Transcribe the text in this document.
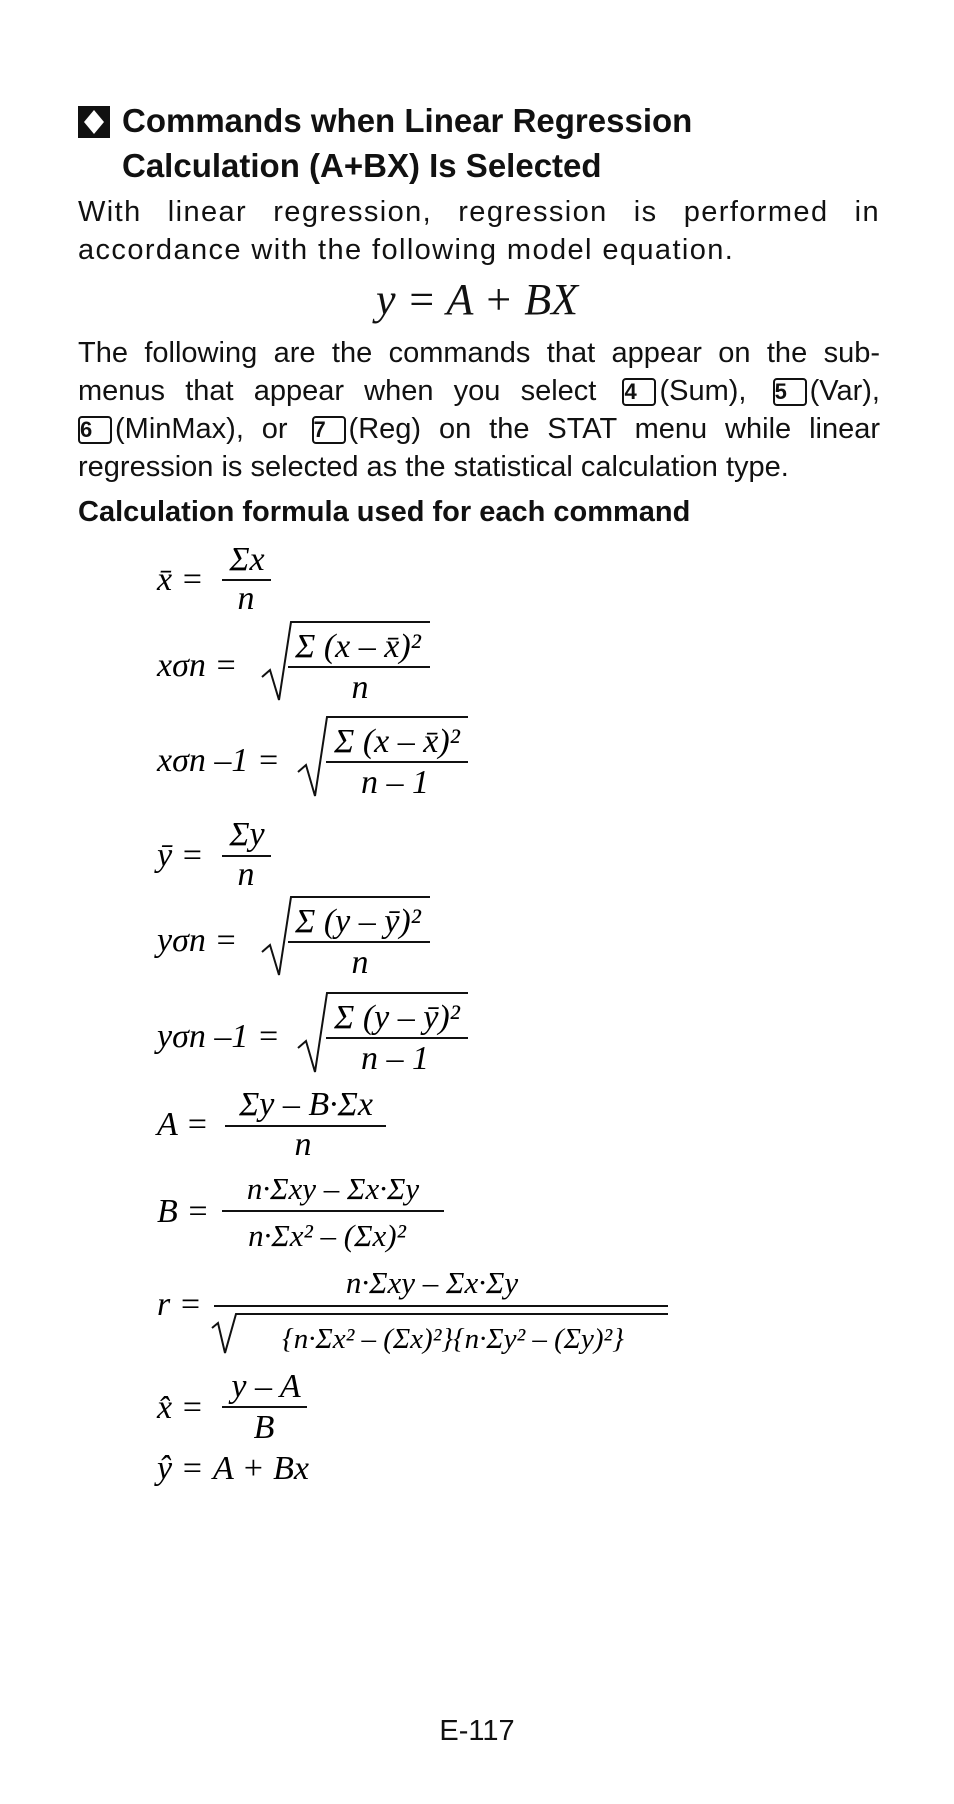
Commands when Linear Regression
Calculation (A+BX) Is Selected
With linear regression, regression is performed in
accordance with the following model equation.
y = A + BX
The following are the commands that appear on the sub-
menus that appear when you select 4 (Sum), 5 (Var),
6 (MinMax), or 7 (Reg) on the STAT menu while linear
regression is selected as the statistical calculation type.
Calculation formula used for each command
x̄ =
Σx
n
xσn =
Σ (x – x̄)²
n
xσn –1 =
Σ (x – x̄)²
n – 1
ȳ =
Σy
n
yσn =
Σ (y – ȳ)²
n
yσn –1 =
Σ (y – ȳ)²
n – 1
A =
Σy – B·Σx
n
B =
n·Σxy – Σx·Σy
n·Σx² – (Σx)²
r =
n·Σxy – Σx·Σy
{n·Σx² – (Σx)²}{n·Σy² – (Σy)²}
x̂ =
y – A
B
ŷ = A + Bx
E-117
